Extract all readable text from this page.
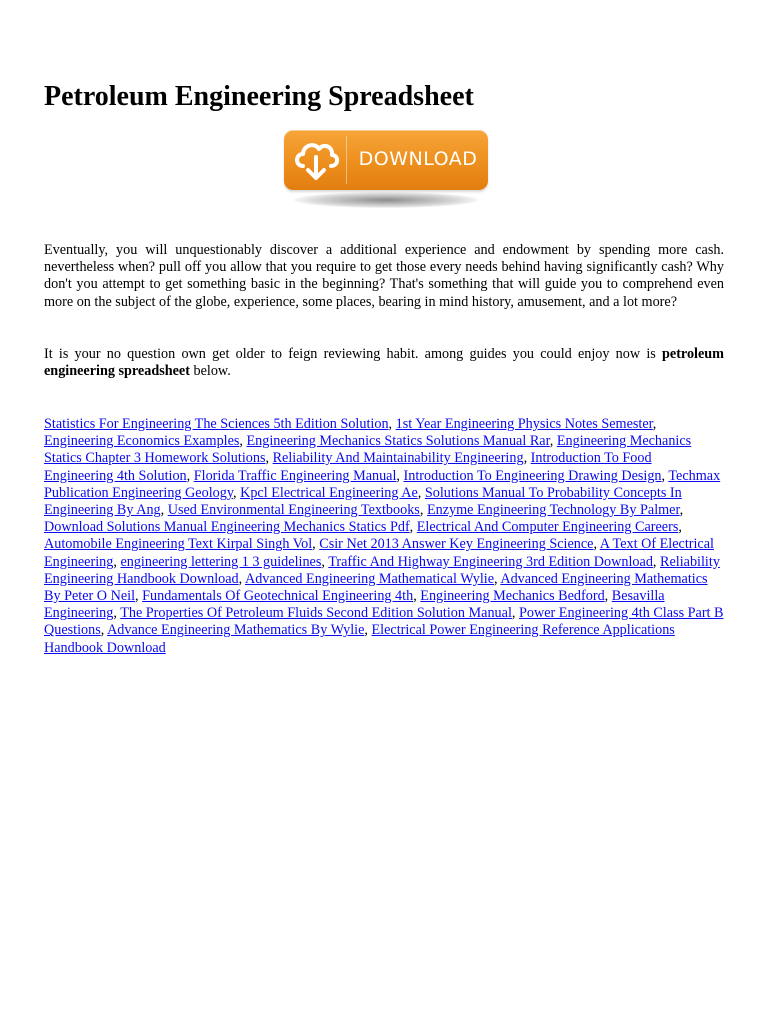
Petroleum Engineering Spreadsheet
DOWNLOAD

Eventually, you will unquestionably discover a additional experience and endowment by spending more cash. nevertheless when? pull off you allow that you require to get those every needs behind having significantly cash? Why don't you attempt to get something basic in the beginning? That's something that will guide you to comprehend even more on the subject of the globe, experience, some places, bearing in mind history, amusement, and a lot more?

It is your no question own get older to feign reviewing habit. among guides you could enjoy now is petroleum engineering spreadsheet below.

Statistics For Engineering The Sciences 5th Edition Solution, 1st Year Engineering Physics Notes Semester, Engineering Economics Examples, Engineering Mechanics Statics Solutions Manual Rar, Engineering Mechanics Statics Chapter 3 Homework Solutions, Reliability And Maintainability Engineering, Introduction To Food Engineering 4th Solution, Florida Traffic Engineering Manual, Introduction To Engineering Drawing Design, Techmax Publication Engineering Geology, Kpcl Electrical Engineering Ae, Solutions Manual To Probability Concepts In Engineering By Ang, Used Environmental Engineering Textbooks, Enzyme Engineering Technology By Palmer, Download Solutions Manual Engineering Mechanics Statics Pdf, Electrical And Computer Engineering Careers, Automobile Engineering Text Kirpal Singh Vol, Csir Net 2013 Answer Key Engineering Science, A Text Of Electrical Engineering, engineering lettering 1 3 guidelines, Traffic And Highway Engineering 3rd Edition Download, Reliability Engineering Handbook Download, Advanced Engineering Mathematical Wylie, Advanced Engineering Mathematics By Peter O Neil, Fundamentals Of Geotechnical Engineering 4th, Engineering Mechanics Bedford, Besavilla Engineering, The Properties Of Petroleum Fluids Second Edition Solution Manual, Power Engineering 4th Class Part B Questions, Advance Engineering Mathematics By Wylie, Electrical Power Engineering Reference Applications Handbook Download
